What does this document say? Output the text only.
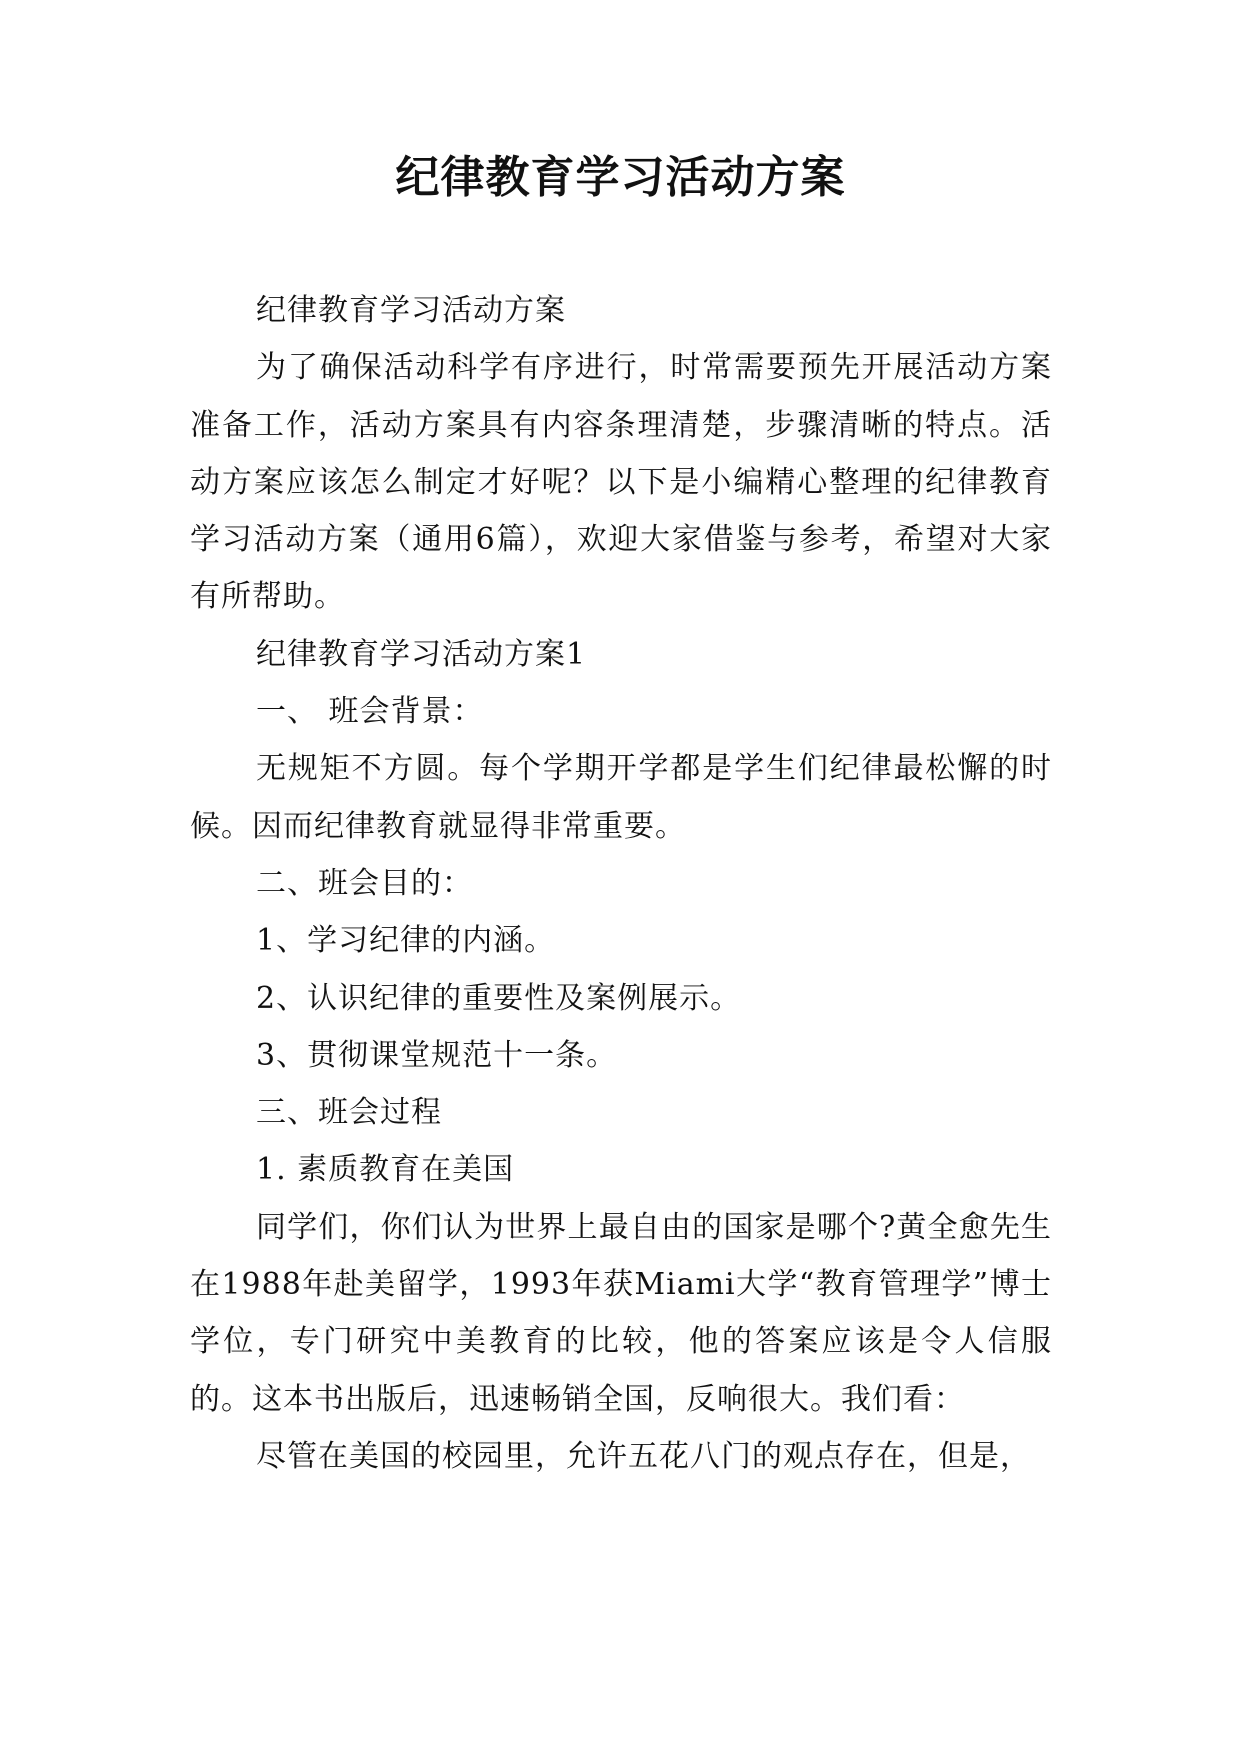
纪律教育学习活动方案

纪律教育学习活动方案

为了确保活动科学有序进行，时常需要预先开展活动方案准备工作，活动方案具有内容条理清楚，步骤清晰的特点。活动方案应该怎么制定才好呢？以下是小编精心整理的纪律教育学习活动方案（通用6篇），欢迎大家借鉴与参考，希望对大家有所帮助。

纪律教育学习活动方案1

一、 班会背景：

无规矩不方圆。每个学期开学都是学生们纪律最松懈的时候。因而纪律教育就显得非常重要。

二、班会目的：

1、学习纪律的内涵。

2、认识纪律的重要性及案例展示。

3、贯彻课堂规范十一条。

三、班会过程

1. 素质教育在美国

同学们，你们认为世界上最自由的国家是哪个?黄全愈先生在1988年赴美留学，1993年获Miami大学“教育管理学”博士学位，专门研究中美教育的比较，他的答案应该是令人信服的。这本书出版后，迅速畅销全国，反响很大。我们看：

尽管在美国的校园里，允许五花八门的观点存在，但是，
